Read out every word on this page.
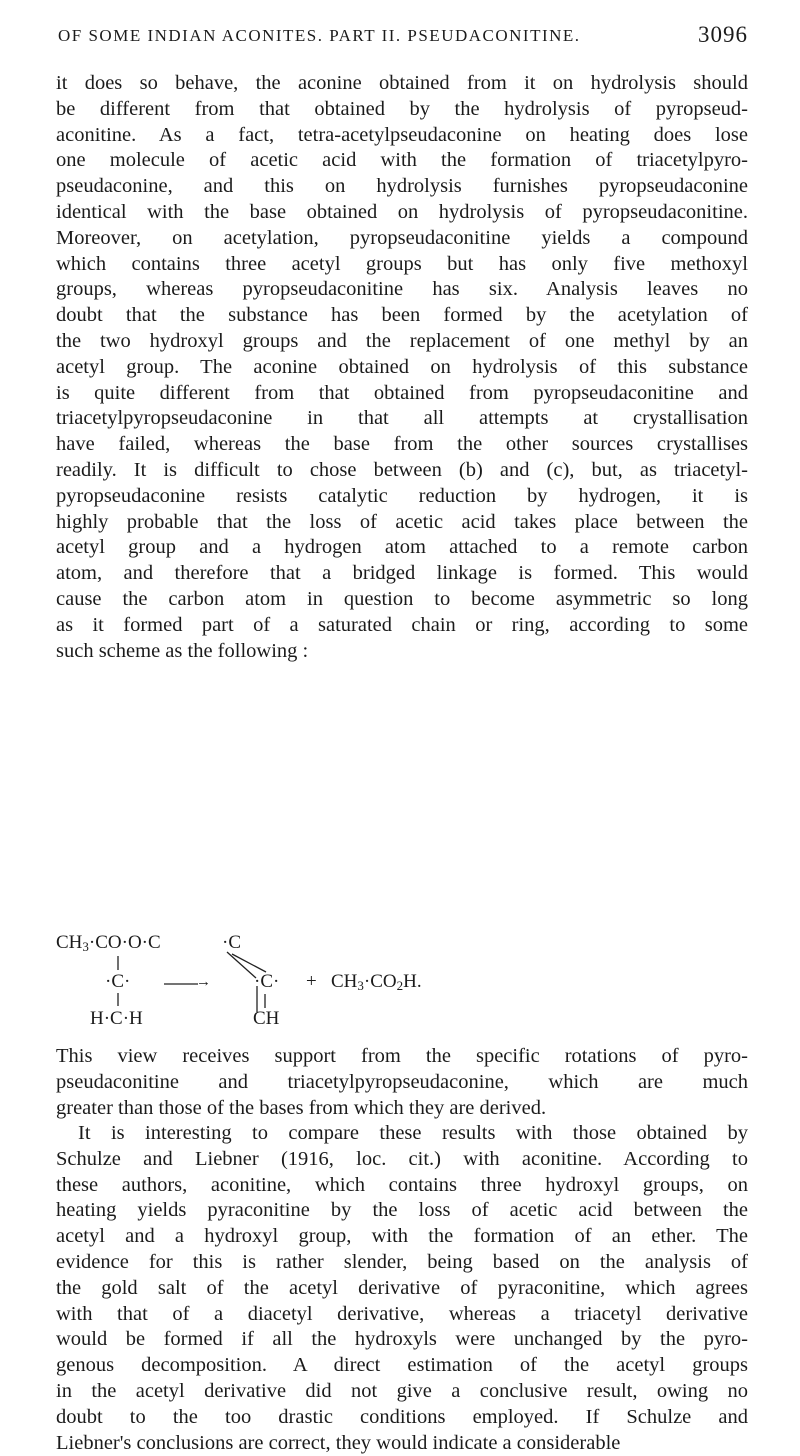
OF SOME INDIAN ACONITES. PART II. PSEUDACONITINE.	3096
it does so behave, the aconine obtained from it on hydrolysis should
be different from that obtained by the hydrolysis of pyropseud-
aconitine. As a fact, tetra-acetylpseudaconine on heating does lose
one molecule of acetic acid with the formation of triacetylpyro-
pseudaconine, and this on hydrolysis furnishes pyropseudaconine
identical with the base obtained on hydrolysis of pyropseudaconitine.
Moreover, on acetylation, pyropseudaconitine yields a compound
which contains three acetyl groups but has only five methoxyl
groups, whereas pyropseudaconitine has six. Analysis leaves no
doubt that the substance has been formed by the acetylation of
the two hydroxyl groups and the replacement of one methyl by an
acetyl group. The aconine obtained on hydrolysis of this substance
is quite different from that obtained from pyropseudaconitine and
triacetylpyropseudaconine in that all attempts at crystallisation
have failed, whereas the base from the other sources crystallises
readily. It is difficult to chose between (b) and (c), but, as triacetyl-
pyropseudaconine resists catalytic reduction by hydrogen, it is
highly probable that the loss of acetic acid takes place between the
acetyl group and a hydrogen atom attached to a remote carbon
atom, and therefore that a bridged linkage is formed. This would
cause the carbon atom in question to become asymmetric so long
as it formed part of a saturated chain or ring, according to some
such scheme as the following :
$CH_3\cdot CO\cdot O\cdot C$
·C·
H·C·H
→
·C
·C·
CH
+ $CH_3\cdot CO_2H$.
This view receives support from the specific rotations of pyro-
pseudaconitine and triacetylpyropseudaconine, which are much
greater than those of the bases from which they are derived.
It is interesting to compare these results with those obtained by
Schulze and Liebner (1916, loc. cit.) with aconitine. According to
these authors, aconitine, which contains three hydroxyl groups, on
heating yields pyraconitine by the loss of acetic acid between the
acetyl and a hydroxyl group, with the formation of an ether. The
evidence for this is rather slender, being based on the analysis of
the gold salt of the acetyl derivative of pyraconitine, which agrees
with that of a diacetyl derivative, whereas a triacetyl derivative
would be formed if all the hydroxyls were unchanged by the pyro-
genous decomposition. A direct estimation of the acetyl groups
in the acetyl derivative did not give a conclusive result, owing no
doubt to the too drastic conditions employed. If Schulze and
Liebner's conclusions are correct, they would indicate a considerable
